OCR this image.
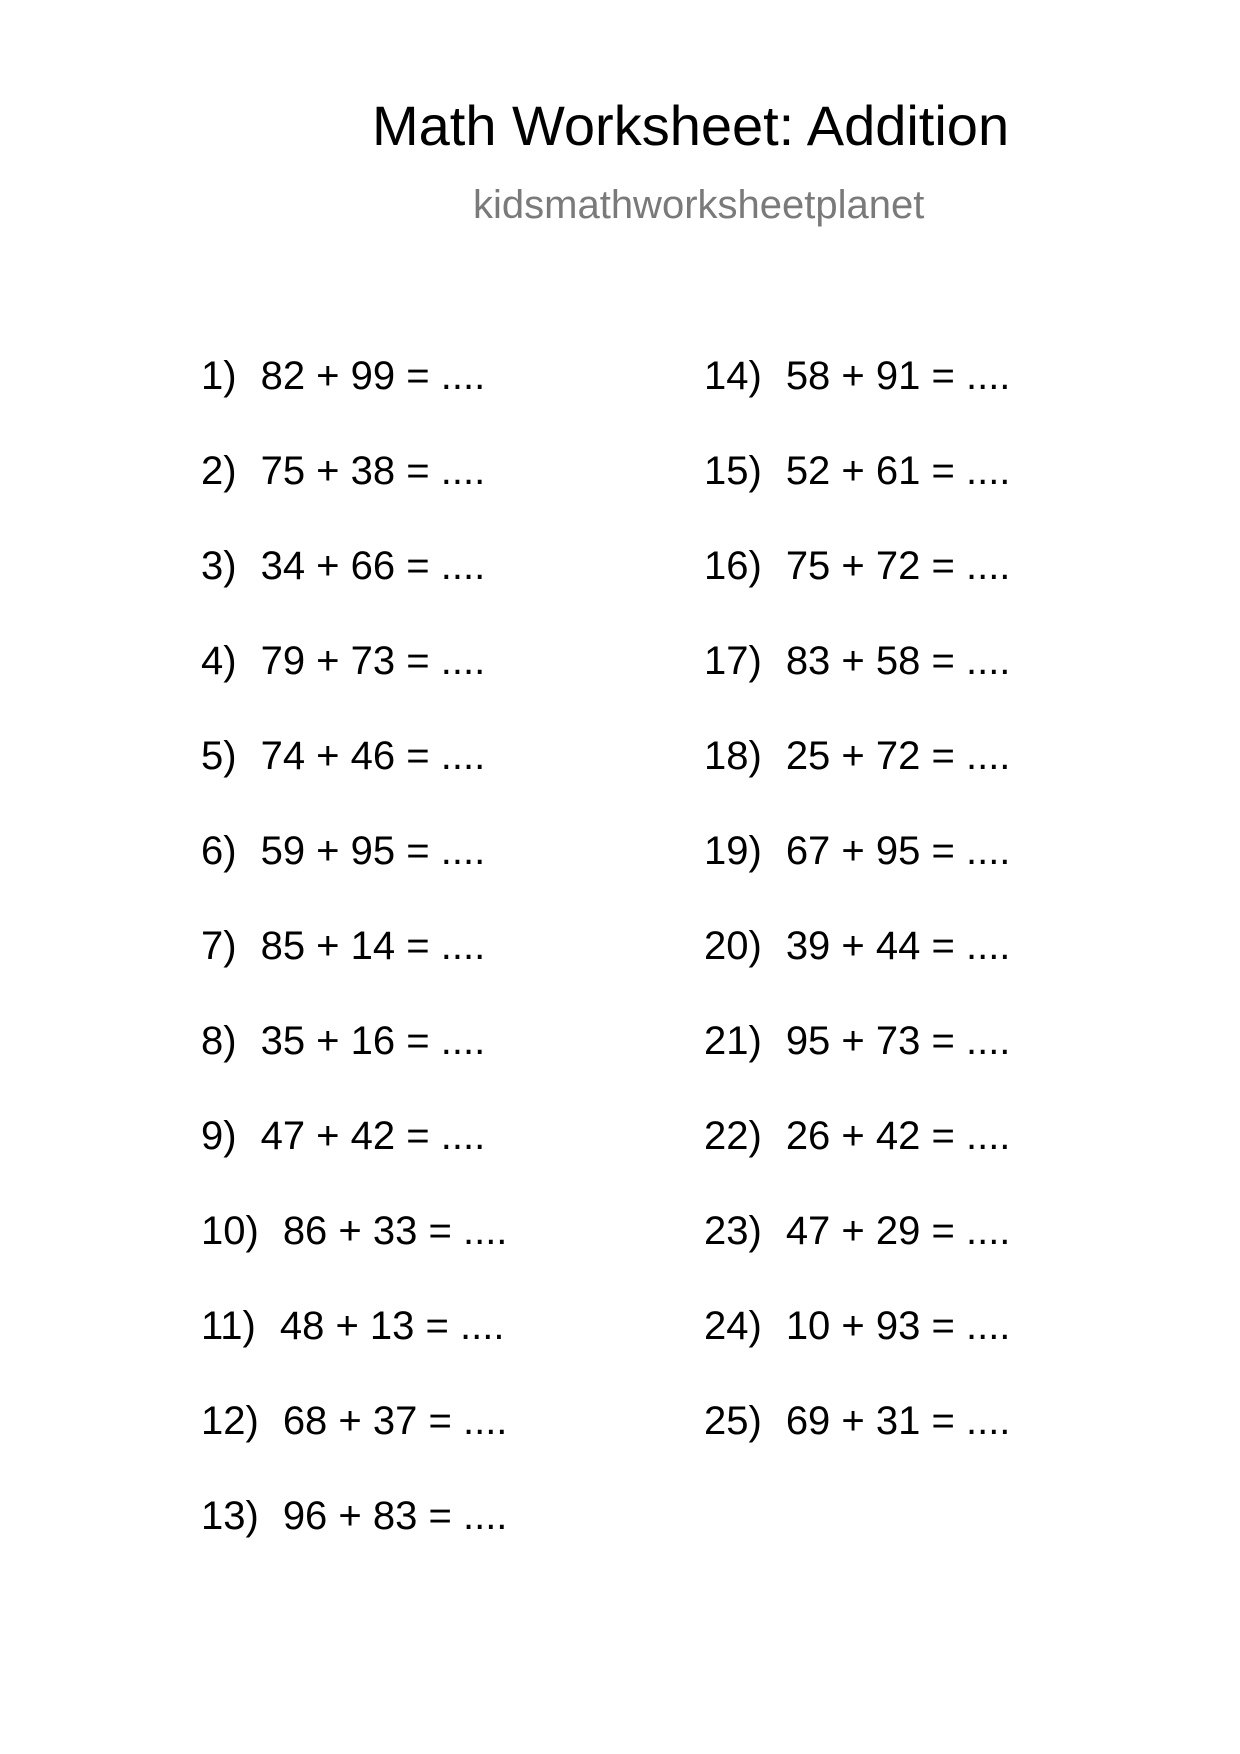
Math Worksheet: Addition
kidsmathworksheetplanet
1) 82 + 99 = ....
2) 75 + 38 = ....
3) 34 + 66 = ....
4) 79 + 73 = ....
5) 74 + 46 = ....
6) 59 + 95 = ....
7) 85 + 14 = ....
8) 35 + 16 = ....
9) 47 + 42 = ....
10) 86 + 33 = ....
11) 48 + 13 = ....
12) 68 + 37 = ....
13) 96 + 83 = ....
14) 58 + 91 = ....
15) 52 + 61 = ....
16) 75 + 72 = ....
17) 83 + 58 = ....
18) 25 + 72 = ....
19) 67 + 95 = ....
20) 39 + 44 = ....
21) 95 + 73 = ....
22) 26 + 42 = ....
23) 47 + 29 = ....
24) 10 + 93 = ....
25) 69 + 31 = ....
